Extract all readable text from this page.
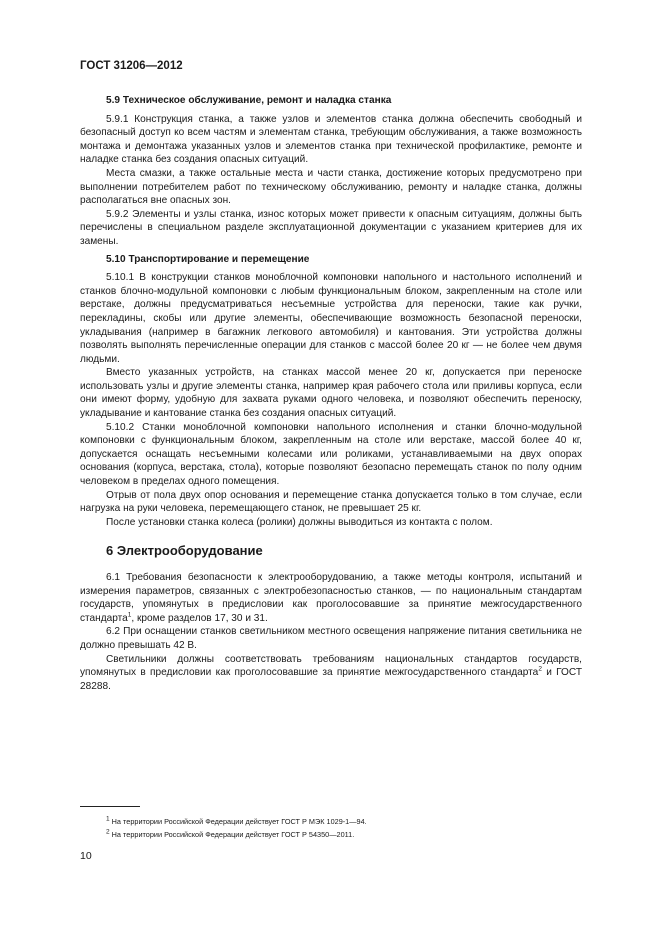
ГОСТ 31206—2012
5.9 Техническое обслуживание, ремонт и наладка станка

5.9.1 Конструкция станка, а также узлов и элементов станка должна обеспечить свободный и безопасный доступ ко всем частям и элементам станка, требующим обслуживания, а также возможность монтажа и демонтажа указанных узлов и элементов станка при технической профилактике, ремонте и наладке станка без создания опасных ситуаций.

Места смазки, а также остальные места и части станка, достижение которых предусмотрено при выполнении потребителем работ по техническому обслуживанию, ремонту и наладке станка, должны располагаться вне опасных зон.

5.9.2 Элементы и узлы станка, износ которых может привести к опасным ситуациям, должны быть перечислены в специальном разделе эксплуатационной документации с указанием критериев для их замены.

5.10 Транспортирование и перемещение

5.10.1 В конструкции станков моноблочной компоновки напольного и настольного исполнений и станков блочно-модульной компоновки с любым функциональным блоком, закрепленным на столе или верстаке, должны предусматриваться несъемные устройства для переноски, такие как ручки, перекладины, скобы или другие элементы, обеспечивающие возможность безопасной переноски, укладывания (например в багажник легкового автомобиля) и кантования. Эти устройства должны позволять выполнять перечисленные операции для станков с массой более 20 кг — не более чем двумя людьми.

Вместо указанных устройств, на станках массой менее 20 кг, допускается при переноске использовать узлы и другие элементы станка, например края рабочего стола или приливы корпуса, если они имеют форму, удобную для захвата руками одного человека, и позволяют обеспечить переноску, укладывание и кантование станка без создания опасных ситуаций.

5.10.2 Станки моноблочной компоновки напольного исполнения и станки блочно-модульной компоновки с функциональным блоком, закрепленным на столе или верстаке, массой более 40 кг, допускается оснащать несъемными колесами или роликами, устанавливаемыми на двух опорах основания (корпуса, верстака, стола), которые позволяют безопасно перемещать станок по полу одним человеком в пределах одного помещения.

Отрыв от пола двух опор основания и перемещение станка допускается только в том случае, если нагрузка на руки человека, перемещающего станок, не превышает 25 кг.

После установки станка колеса (ролики) должны выводиться из контакта с полом.

6 Электрооборудование

6.1 Требования безопасности к электрооборудованию, а также методы контроля, испытаний и измерения параметров, связанных с электробезопасностью станков, — по национальным стандартам государств, упомянутых в предисловии как проголосовавшие за принятие межгосударственного стандарта$^1$, кроме разделов 17, 30 и 31.

6.2 При оснащении станков светильником местного освещения напряжение питания светильника не должно превышать 42 В.

Светильники должны соответствовать требованиям национальных стандартов государств, упомянутых в предисловии как проголосовавшие за принятие межгосударственного стандарта$^2$ и ГОСТ 28288.

$^1$ На территории Российской Федерации действует ГОСТ Р МЭК 1029-1—94.
$^2$ На территории Российской Федерации действует ГОСТ Р 54350—2011.
10
